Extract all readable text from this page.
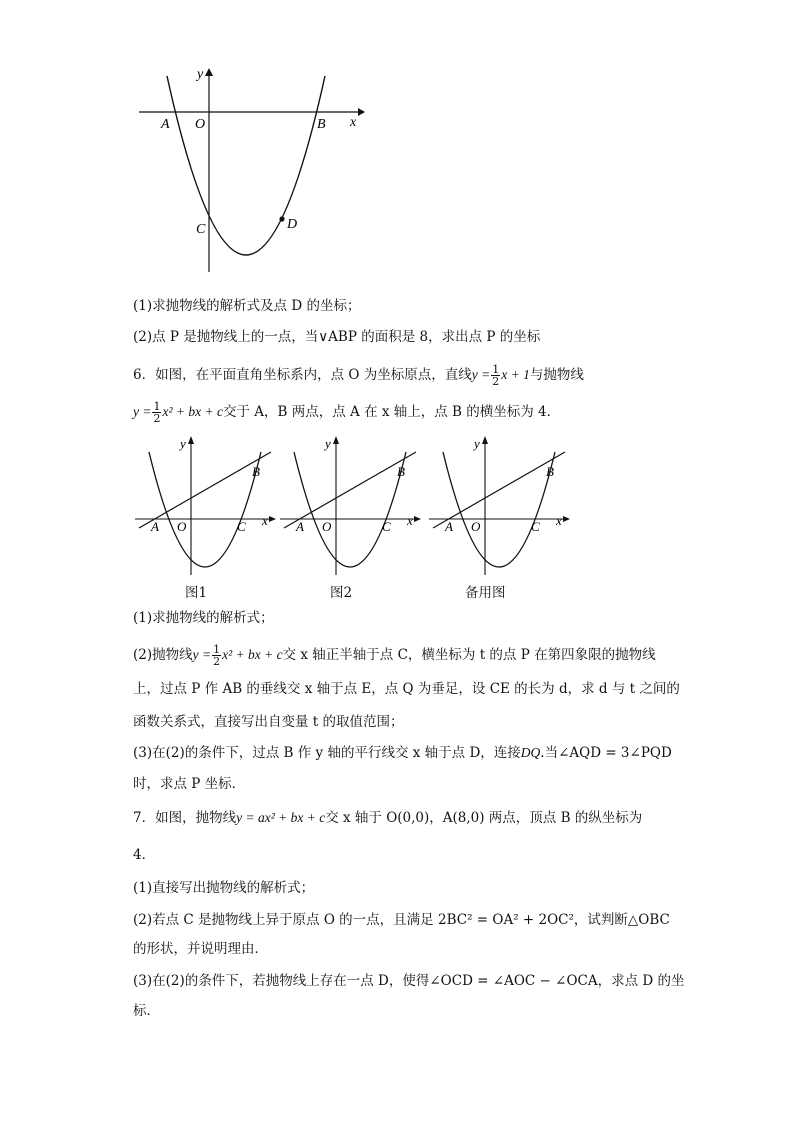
y
x
A O	B
C	D
(1)求抛物线的解析式及点 D 的坐标；
(2)点 P 是抛物线上的一点，当∨ABP 的面积是 8，求出点 P 的坐标
6．如图，在平面直角坐标系内，点 O 为坐标原点，直线$y = \frac{1}{2}$ x + 1与抛物线
$y = \frac{1}{2} x^2$ + bx + c交于 A，B 两点，点 A 在 x 轴上，点 B 的横坐标为 4．
y
x
A O
B
C
y
x
A O
B
C
y
x
A O
B
C
图1	图2	备用图
(1)求抛物线的解析式；
(2)抛物线$y = \frac{1}{2} x^2$ + bx + c交 x 轴正半轴于点 C，横坐标为 t 的点 P 在第四象限的抛物线
上，过点 P 作 AB 的垂线交 x 轴于点 E，点 Q 为垂足，设 CE 的长为 d，求 d 与 t 之间的
函数关系式，直接写出自变量 t 的取值范围；
(3)在(2)的条件下，过点 B 作 y 轴的平行线交 x 轴于点 D，连接DQ.当∠AQD = 3∠PQD
时，求点 P 坐标．
7．如图，抛物线y = ax² + bx + c交 x 轴于 O(0,0)，A(8,0) 两点，顶点 B 的纵坐标为
4．
(1)直接写出抛物线的解析式；
(2)若点 C 是抛物线上异于原点 O 的一点，且满足 2BC² = OA² + 2OC²，试判断△OBC
的形状，并说明理由．
(3)在(2)的条件下，若抛物线上存在一点 D，使得∠OCD = ∠AOC − ∠OCA，求点 D 的坐
标．
